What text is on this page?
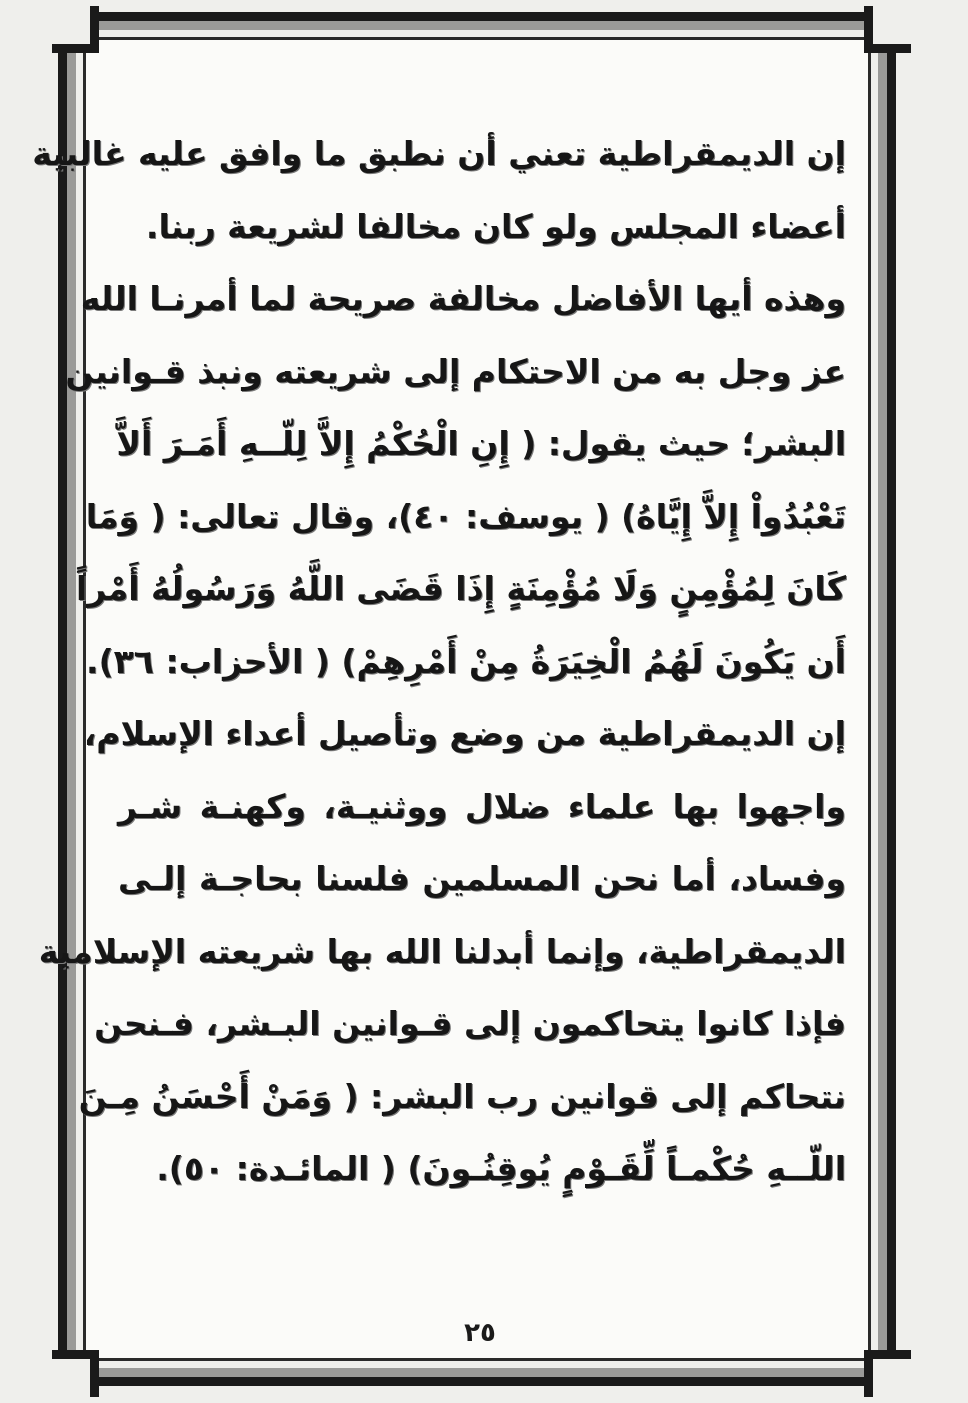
إن الديمقراطية تعني أن نطبق ما وافق عليه غالبية
أعضاء المجلس ولو كان مخالفا لشريعة ربنا.
وهذه أيها الأفاضل مخالفة صريحة لما أمرنـا الله
عز وجل به من الاحتكام إلى شريعته ونبذ قـوانين
البشر؛ حيث يقول: ( إِنِ الْحُكْمُ إِلاَّ لِلّــهِ أَمَـرَ أَلاَّ
تَعْبُدُواْ إِلاَّ إِيَّاهُ) ( يوسف: ٤٠)، وقال تعالى: ( وَمَا
كَانَ لِمُؤْمِنٍ وَلَا مُؤْمِنَةٍ إِذَا قَضَى اللَّهُ وَرَسُولُهُ أَمْراً
أَن يَكُونَ لَهُمُ الْخِيَرَةُ مِنْ أَمْرِهِمْ) ( الأحزاب: ٣٦).
إن الديمقراطية من وضع وتأصيل أعداء الإسلام،
واجهوا بها علماء ضلال ووثنيـة، وكهنـة شـر
وفساد، أما نحن المسلمين فلسنا بحاجـة إلـى
الديمقراطية، وإنما أبدلنا الله بها شريعته الإسلامية
فإذا كانوا يتحاكمون إلى قـوانين البـشر، فـنحن
نتحاكم إلى قوانين رب البشر: ( وَمَنْ أَحْسَنُ مِـنَ
اللّــهِ حُكْمـاً لِّقَـوْمٍ يُوقِنُـونَ) ( المائـدة: ٥٠).
٢٥
